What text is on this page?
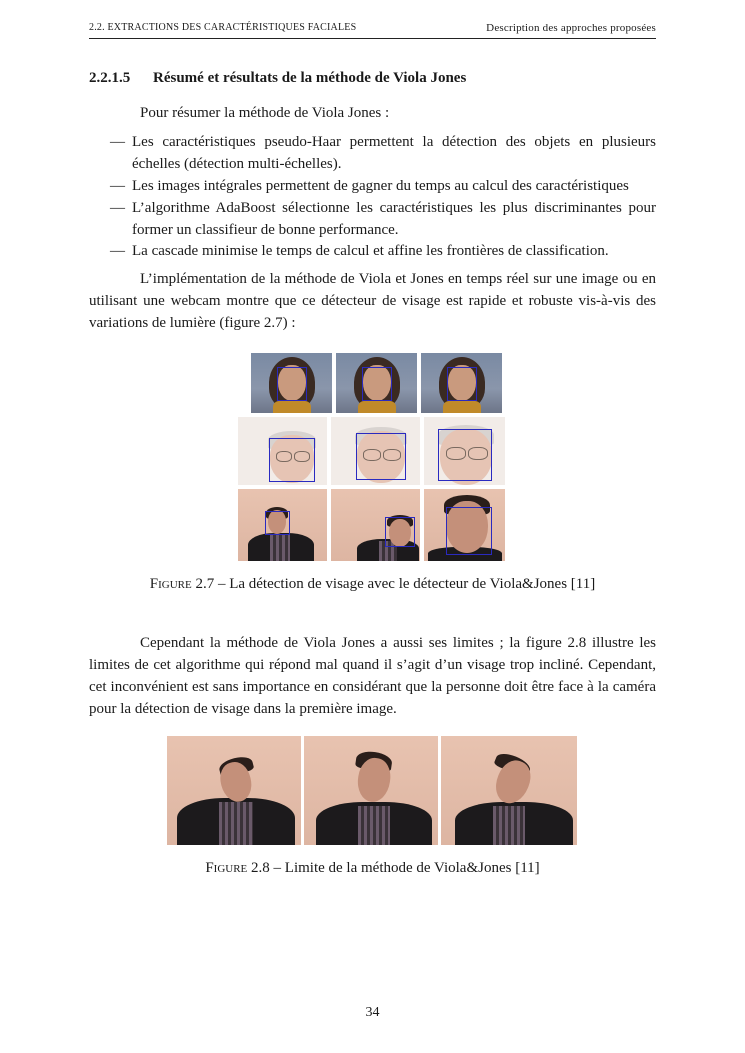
2.2. EXTRACTIONS DES CARACTÉRISTIQUES FACIALES	Description des approches proposées
2.2.1.5 Résumé et résultats de la méthode de Viola Jones
Pour résumer la méthode de Viola Jones :
— Les caractéristiques pseudo-Haar permettent la détection des objets en plusieurs échelles (détection multi-échelles).
— Les images intégrales permettent de gagner du temps au calcul des caractéristiques
— L’algorithme AdaBoost sélectionne les caractéristiques les plus discriminantes pour former un classifieur de bonne performance.
— La cascade minimise le temps de calcul et affine les frontières de classification.
L’implémentation de la méthode de Viola et Jones en temps réel sur une image ou en utilisant une webcam montre que ce détecteur de visage est rapide et robuste vis-à-vis des variations de lumière (figure 2.7) :
Figure 2.7 – La détection de visage avec le détecteur de Viola&Jones [11]
Cependant la méthode de Viola Jones a aussi ses limites ; la figure 2.8 illustre les limites de cet algorithme qui répond mal quand il s’agit d’un visage trop incliné. Cependant, cet inconvénient est sans importance en considérant que la personne doit être face à la caméra pour la détection de visage dans la première image.
Figure 2.8 – Limite de la méthode de Viola&Jones [11]
34
